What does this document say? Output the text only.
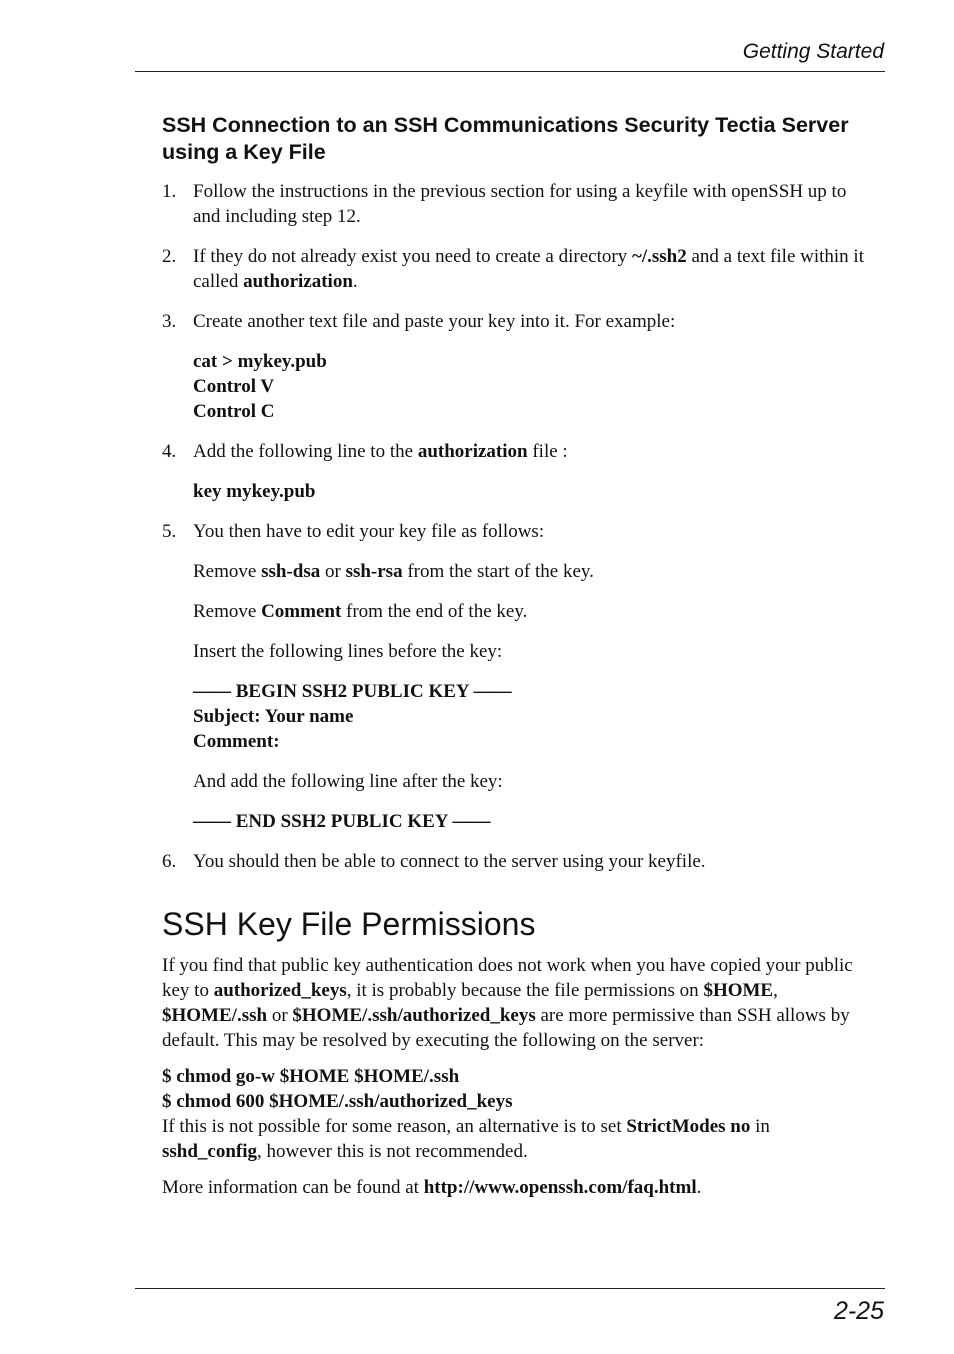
Getting Started
SSH Connection to an SSH Communications Security Tectia Server using a Key File
1. Follow the instructions in the previous section for using a keyfile with openSSH up to and including step 12.

2. If they do not already exist you need to create a directory ~/.ssh2 and a text file within it called authorization.

3. Create another text file and paste your key into it. For example:

cat > mykey.pub
Control V
Control C
4. Add the following line to the authorization file :

key mykey.pub
5. You then have to edit your key file as follows:

Remove ssh-dsa or ssh-rsa from the start of the key.

Remove Comment from the end of the key.

Insert the following lines before the key:

—— BEGIN SSH2 PUBLIC KEY ——
Subject: Your name
Comment:

And add the following line after the key:

—— END SSH2 PUBLIC KEY ——
6. You should then be able to connect to the server using your keyfile.

SSH Key File Permissions

If you find that public key authentication does not work when you have copied your public key to authorized_keys, it is probably because the file permissions on $HOME, $HOME/.ssh or $HOME/.ssh/authorized_keys are more permissive than SSH allows by default. This may be resolved by executing the following on the server:

$ chmod go-w $HOME $HOME/.ssh
$ chmod 600 $HOME/.ssh/authorized_keys

If this is not possible for some reason, an alternative is to set StrictModes no in sshd_config, however this is not recommended.

More information can be found at http://www.openssh.com/faq.html.

2-25
